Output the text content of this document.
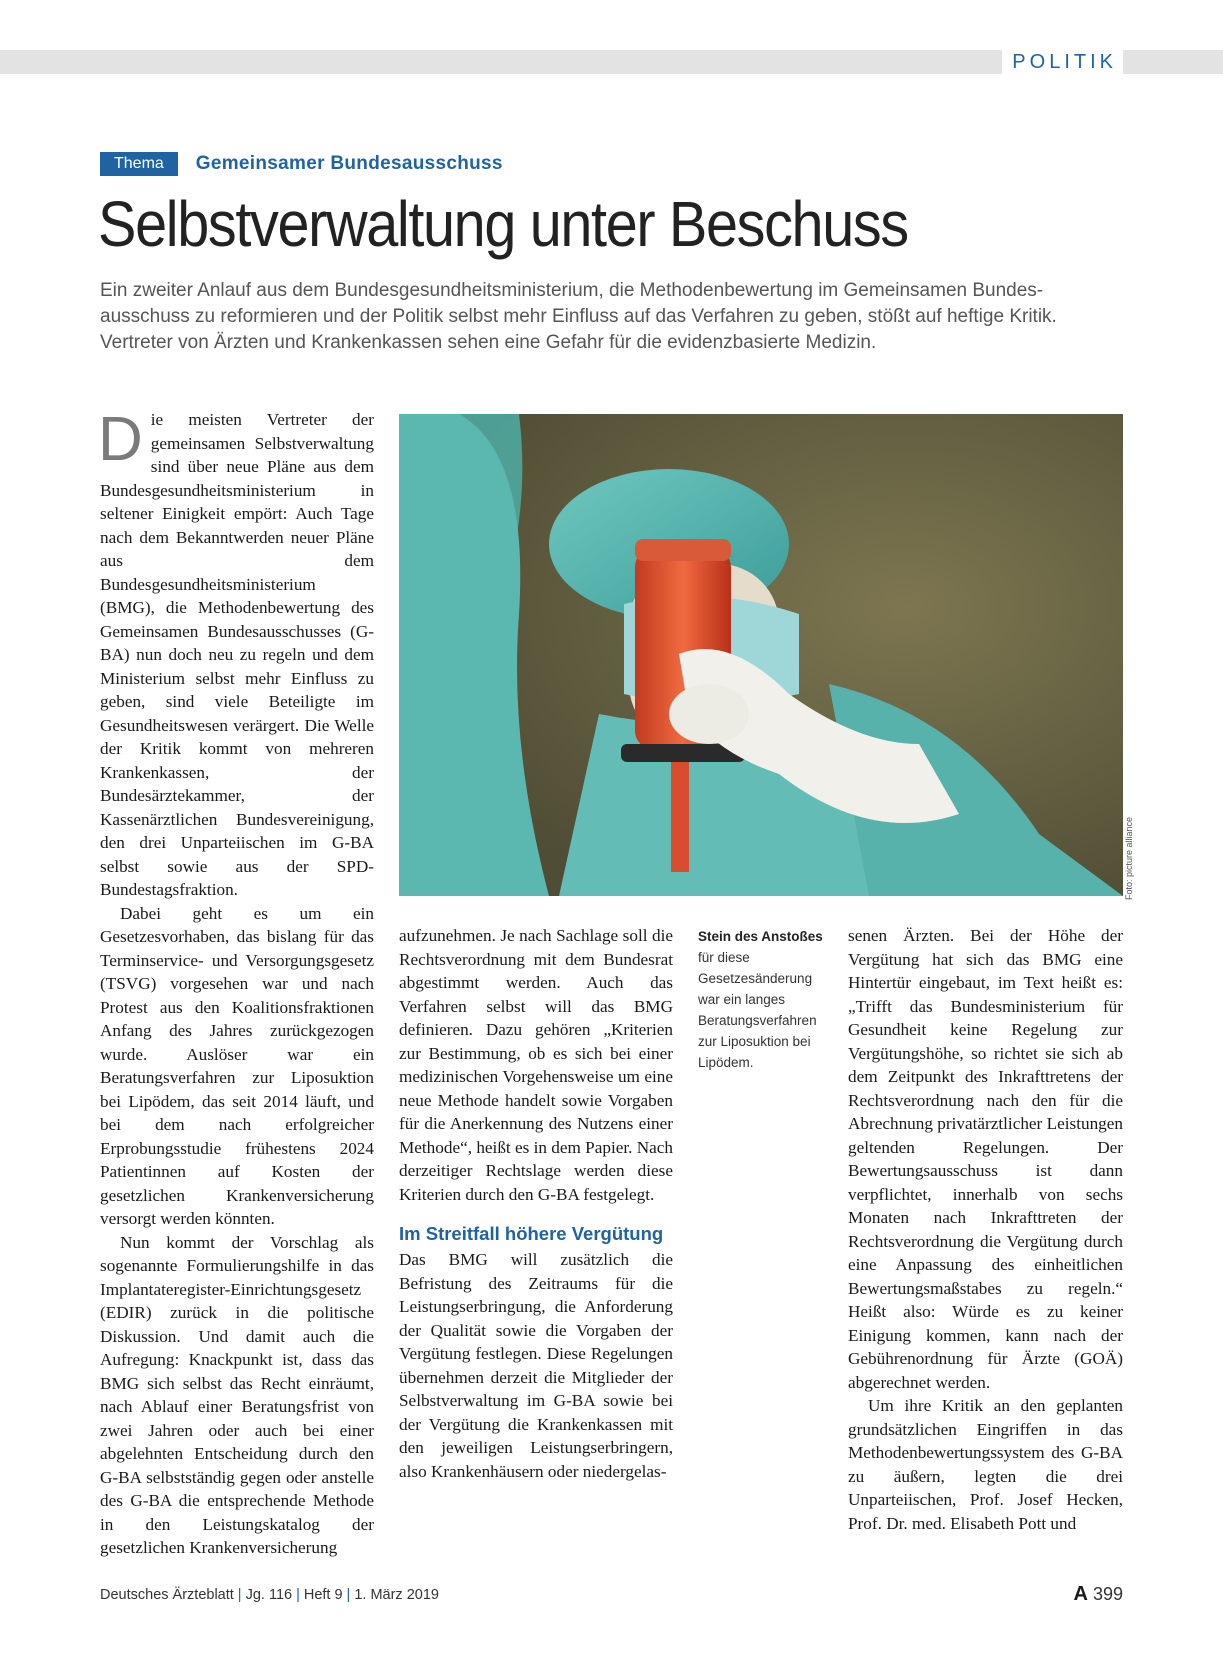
POLITIK
Thema	Gemeinsamer Bundesausschuss
Selbstverwaltung unter Beschuss
Ein zweiter Anlauf aus dem Bundesgesundheitsministerium, die Methodenbewertung im Gemeinsamen Bundes-
ausschuss zu reformieren und der Politik selbst mehr Einfluss auf das Verfahren zu geben, stößt auf heftige Kritik.
Vertreter von Ärzten und Krankenkassen sehen eine Gefahr für die evidenzbasierte Medizin.

Die meisten Vertreter der gemeinsamen Selbstverwaltung sind über neue Pläne aus dem Bundesgesundheitsministerium in seltener Einigkeit empört: Auch Tage nach dem Bekanntwerden neuer Pläne aus dem Bundesgesundheitsministerium (BMG), die Methodenbewertung des Gemeinsamen Bundesausschusses (G-BA) nun doch neu zu regeln und dem Ministerium selbst mehr Einfluss zu geben, sind viele Beteiligte im Gesundheitswesen verärgert. Die Welle der Kritik kommt von mehreren Krankenkassen, der Bundesärztekammer, der Kassenärztlichen Bundesvereinigung, den drei Unparteiischen im G-BA selbst sowie aus der SPD-Bundestagsfraktion.

Dabei geht es um ein Gesetzesvorhaben, das bislang für das Terminservice- und Versorgungsgesetz (TSVG) vorgesehen war und nach Protest aus den Koalitionsfraktionen Anfang des Jahres zurückgezogen wurde. Auslöser war ein Beratungsverfahren zur Liposuktion bei Lipödem, das seit 2014 läuft, und bei dem nach erfolgreicher Erprobungsstudie frühestens 2024 Patientinnen auf Kosten der gesetzlichen Krankenversicherung versorgt werden könnten.

Nun kommt der Vorschlag als sogenannte Formulierungshilfe in das Implantateregister-Einrichtungsgesetz (EDIR) zurück in die politische Diskussion. Und damit auch die Aufregung: Knackpunkt ist, dass das BMG sich selbst das Recht einräumt, nach Ablauf einer Beratungsfrist von zwei Jahren oder auch bei einer abgelehnten Entscheidung durch den G-BA selbstständig gegen oder anstelle des G-BA die entsprechende Methode in den Leistungskatalog der gesetzlichen Krankenversicherung

Foto: picture alliance

aufzunehmen. Je nach Sachlage soll die Rechtsverordnung mit dem Bundesrat abgestimmt werden. Auch das Verfahren selbst will das BMG definieren. Dazu gehören „Kriterien zur Bestimmung, ob es sich bei einer medizinischen Vorgehensweise um eine neue Methode handelt sowie Vorgaben für die Anerkennung des Nutzens einer Methode“, heißt es in dem Papier. Nach derzeitiger Rechtslage werden diese Kriterien durch den G-BA festgelegt.

Im Streitfall höhere Vergütung

Das BMG will zusätzlich die Befristung des Zeitraums für die Leistungserbringung, die Anforderung der Qualität sowie die Vorgaben der Vergütung festlegen. Diese Regelungen übernehmen derzeit die Mitglieder der Selbstverwaltung im G-BA sowie bei der Vergütung die Krankenkassen mit den jeweiligen Leistungserbringern, also Krankenhäusern oder niedergelas-

Stein des Anstoßes für diese Gesetzesänderung war ein langes Beratungsverfahren zur Liposuktion bei Lipödem.

senen Ärzten. Bei der Höhe der Vergütung hat sich das BMG eine Hintertür eingebaut, im Text heißt es: „Trifft das Bundesministerium für Gesundheit keine Regelung zur Vergütungshöhe, so richtet sie sich ab dem Zeitpunkt des Inkrafttretens der Rechtsverordnung nach den für die Abrechnung privatärztlicher Leistungen geltenden Regelungen. Der Bewertungsausschuss ist dann verpflichtet, innerhalb von sechs Monaten nach Inkrafttreten der Rechtsverordnung die Vergütung durch eine Anpassung des einheitlichen Bewertungsmaßstabes zu regeln.“ Heißt also: Würde es zu keiner Einigung kommen, kann nach der Gebührenordnung für Ärzte (GOÄ) abgerechnet werden.

Um ihre Kritik an den geplanten grundsätzlichen Eingriffen in das Methodenbewertungssystem des G-BA zu äußern, legten die drei Unparteiischen, Prof. Josef Hecken, Prof. Dr. med. Elisabeth Pott und

Deutsches Ärzteblatt | Jg. 116 | Heft 9 | 1. März 2019	A 399
